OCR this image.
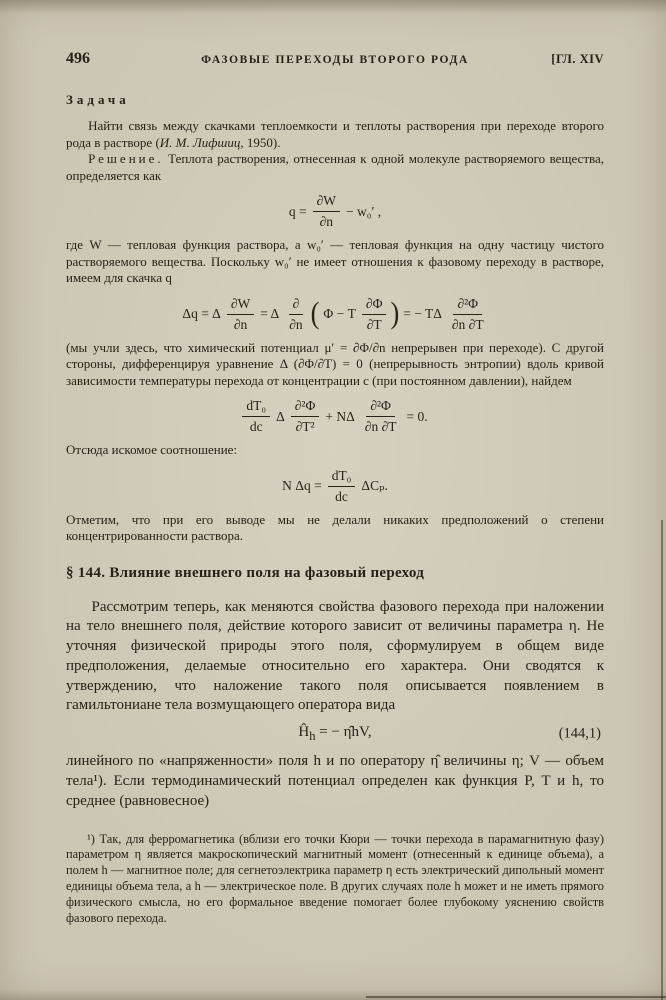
496	ФАЗОВЫЕ ПЕРЕХОДЫ ВТОРОГО РОДА	[ГЛ. XIV
Задача

Найти связь между скачками теплоемкости и теплоты растворения при переходе второго рода в растворе (И. М. Лифшиц, 1950).

Решение. Теплота растворения, отнесенная к одной молекуле растворяемого вещества, определяется как

$q = \frac{\partial W}{\partial n} - w_0'$ ,

где W — тепловая функция раствора, а w₀′ — тепловая функция на одну частицу чистого растворяемого вещества. Поскольку w₀′ не имеет отношения к фазовому переходу в растворе, имеем для скачка q

Δq = Δ $\frac{\partial W}{\partial n} = \Delta \frac{\partial}{\partial n}$ ( Φ − T $\frac{\partial\Phi}{\partial T}$ ) = − TΔ $\frac{\text{∂²Φ}}{\partial n \partial T}$

(мы учли здесь, что химический потенциал μ′ = ∂Φ/∂n непрерывен при переходе). С другой стороны, дифференцируя уравнение Δ (∂Φ/∂T) = 0 (непрерывность энтропии) вдоль кривой зависимости температуры перехода от концентрации c (при постоянном давлении), найдем

$\frac{\text{dT₀}}{dc}$ Δ $\frac{\text{∂²Φ}}{\text{∂T²}} + N\Delta \frac{\text{∂²Φ}}{\partial n \partial T} = 0$.

Отсюда искомое соотношение:

N $\Delta q = \frac{\text{dT₀}}{dc} \Delta C_p$.

Отметим, что при его выводе мы не делали никаких предположений о степени концентрированности раствора.

§ 144. Влияние внешнего поля на фазовый переход

Рассмотрим теперь, как меняются свойства фазового перехода при наложении на тело внешнего поля, действие которого зависит от величины параметра η. Не уточняя физической природы этого поля, сформулируем в общем виде предположения, делаемые относительно его характера. Они сводятся к утверждению, что наложение такого поля описывается появлением в гамильтониане тела возмущающего оператора вида

$Ĥ_h$ = − η̂hV,	(144,1)

линейного по «напряженности» поля h и по оператору η̂ величины η; V — объем тела¹). Если термодинамический потенциал определен как функция P, T и h, то среднее (равновесное)

¹) Так, для ферромагнетика (вблизи его точки Кюри — точки перехода в парамагнитную фазу) параметром η является макроскопический магнитный момент (отнесенный к единице объема), а полем h — магнитное поле; для сегнетоэлектрика параметр η есть электрический дипольный момент единицы объема тела, а h — электрическое поле. В других случаях поле h может и не иметь прямого физического смысла, но его формальное введение помогает более глубокому уяснению свойств фазового перехода.
